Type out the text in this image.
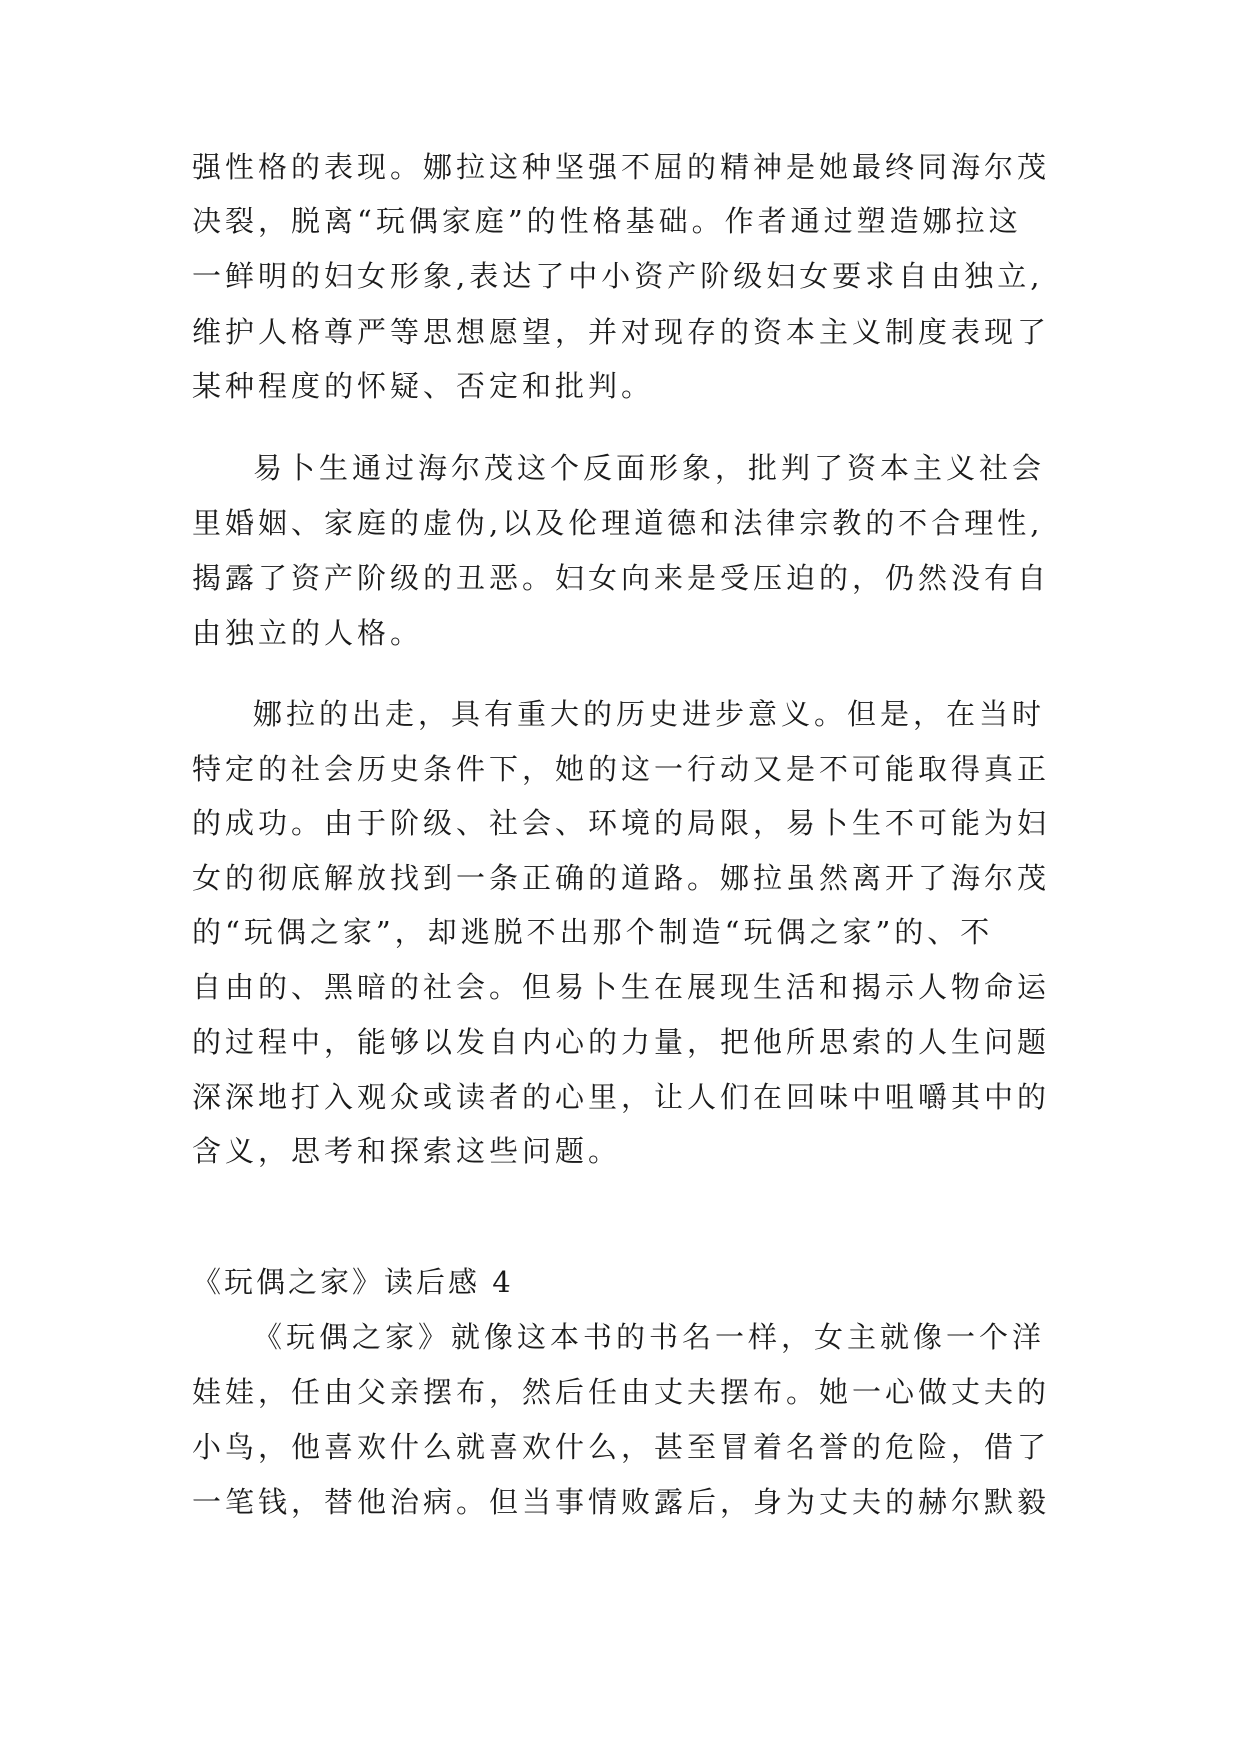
强性格的表现。娜拉这种坚强不屈的精神是她最终同海尔茂
决裂，脱离“玩偶家庭”的性格基础。作者通过塑造娜拉这
一鲜明的妇女形象,表达了中小资产阶级妇女要求自由独立,
维护人格尊严等思想愿望，并对现存的资本主义制度表现了
某种程度的怀疑、否定和批判。
易卜生通过海尔茂这个反面形象，批判了资本主义社会
里婚姻、家庭的虚伪,以及伦理道德和法律宗教的不合理性,
揭露了资产阶级的丑恶。妇女向来是受压迫的，仍然没有自
由独立的人格。
娜拉的出走，具有重大的历史进步意义。但是，在当时
特定的社会历史条件下，她的这一行动又是不可能取得真正
的成功。由于阶级、社会、环境的局限，易卜生不可能为妇
女的彻底解放找到一条正确的道路。娜拉虽然离开了海尔茂
的“玩偶之家”，却逃脱不出那个制造“玩偶之家”的、不
自由的、黑暗的社会。但易卜生在展现生活和揭示人物命运
的过程中，能够以发自内心的力量，把他所思索的人生问题
深深地打入观众或读者的心里，让人们在回味中咀嚼其中的
含义，思考和探索这些问题。
《玩偶之家》读后感 4
《玩偶之家》就像这本书的书名一样，女主就像一个洋
娃娃，任由父亲摆布，然后任由丈夫摆布。她一心做丈夫的
小鸟，他喜欢什么就喜欢什么，甚至冒着名誉的危险，借了
一笔钱，替他治病。但当事情败露后，身为丈夫的赫尔默毅
